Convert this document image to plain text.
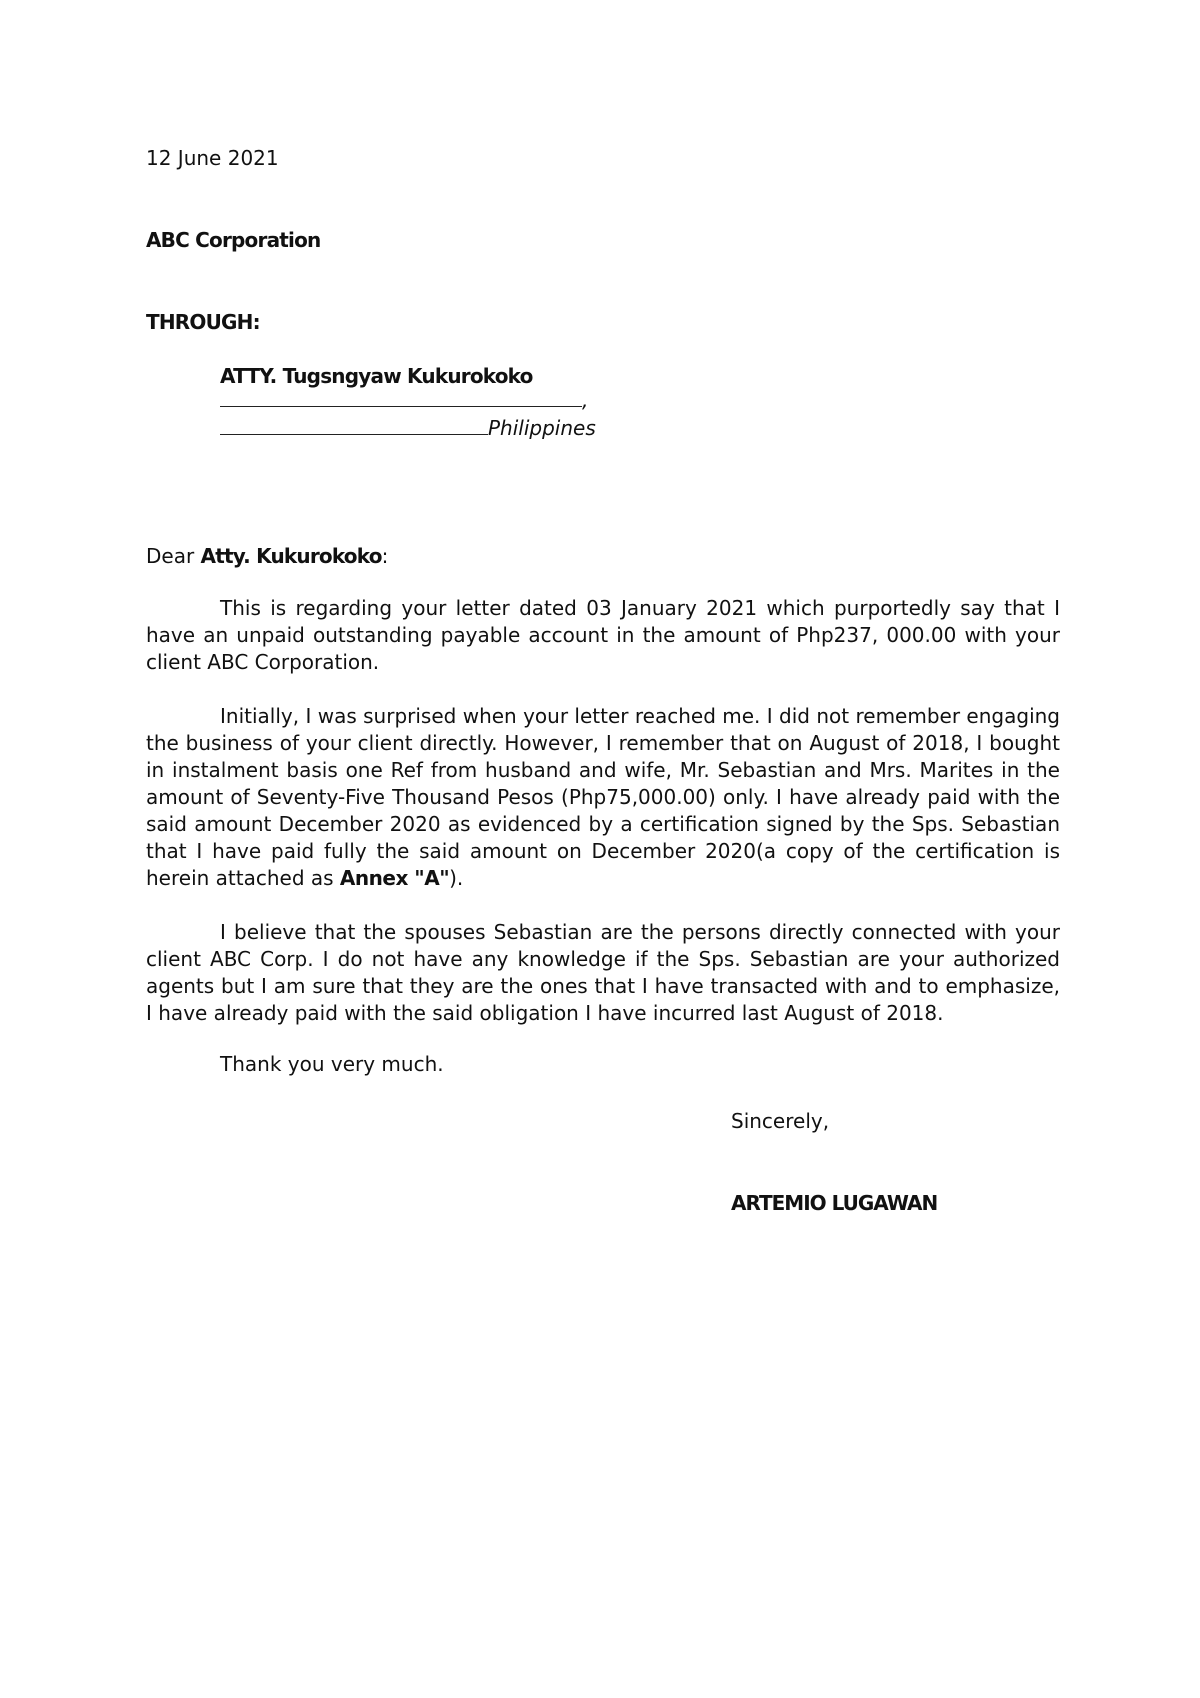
12 June 2021
ABC Corporation
THROUGH:
ATTY. Tugsngyaw Kukurokoko
,
Philippines
Dear Atty. Kukurokoko:
This is regarding your letter dated 03 January 2021 which purportedly say that I have an unpaid outstanding payable account in the amount of Php237, 000.00 with your client ABC Corporation.
Initially, I was surprised when your letter reached me. I did not remember engaging the business of your client directly. However, I remember that on August of 2018, I bought in instalment basis one Ref from husband and wife, Mr. Sebastian and Mrs. Marites in the amount of Seventy-Five Thousand Pesos (Php75,000.00) only. I have already paid with the said amount December 2020 as evidenced by a certification signed by the Sps. Sebastian that I have paid fully the said amount on December 2020(a copy of the certification is herein attached as Annex "A").
I believe that the spouses Sebastian are the persons directly connected with your client ABC Corp. I do not have any knowledge if the Sps. Sebastian are your authorized agents but I am sure that they are the ones that I have transacted with and to emphasize, I have already paid with the said obligation I have incurred last August of 2018.
Thank you very much.
Sincerely,
ARTEMIO LUGAWAN
